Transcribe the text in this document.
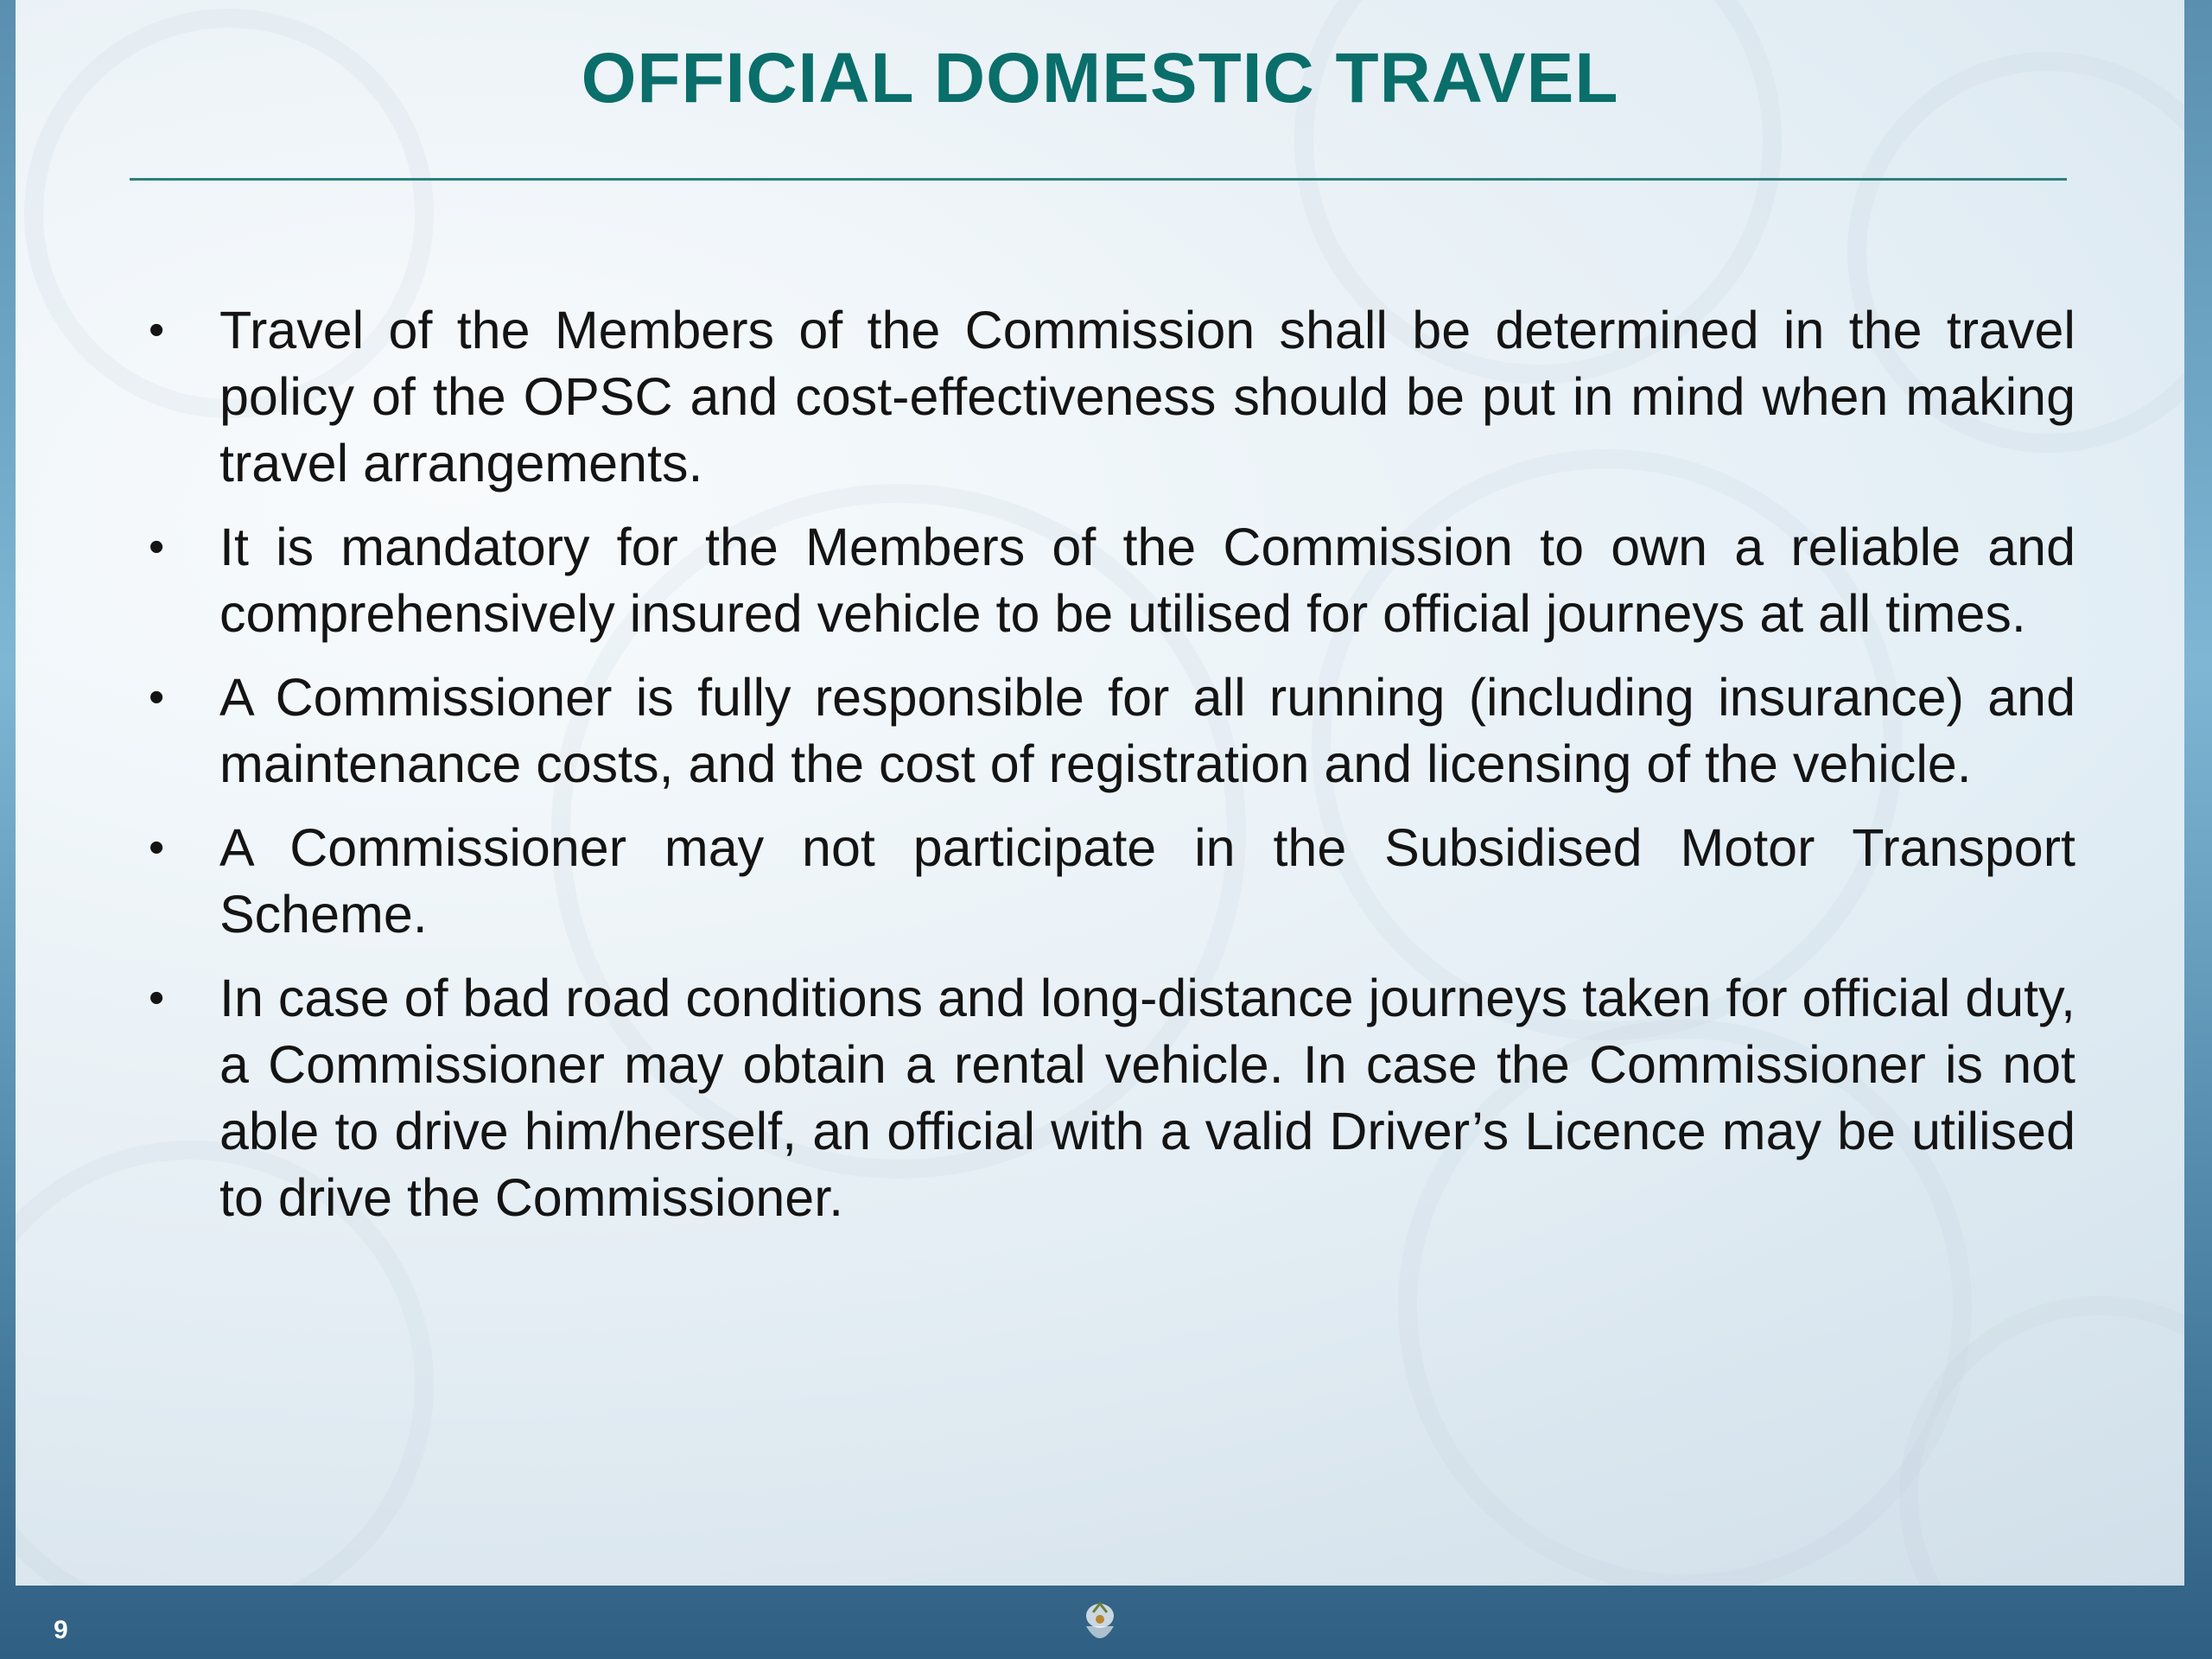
OFFICIAL DOMESTIC TRAVEL
• Travel of the Members of the Commission shall be determined in the travel policy of the OPSC and cost-effectiveness should be put in mind when making travel arrangements.
• It is mandatory for the Members of the Commission to own a reliable and comprehensively insured vehicle to be utilised for official journeys at all times.
• A Commissioner is fully responsible for all running (including insurance) and maintenance costs, and the cost of registration and licensing of the vehicle.
• A Commissioner may not participate in the Subsidised Motor Transport Scheme.
• In case of bad road conditions and long-distance journeys taken for official duty, a Commissioner may obtain a rental vehicle. In case the Commissioner is not able to drive him/herself, an official with a valid Driver’s Licence may be utilised to drive the Commissioner.
9
